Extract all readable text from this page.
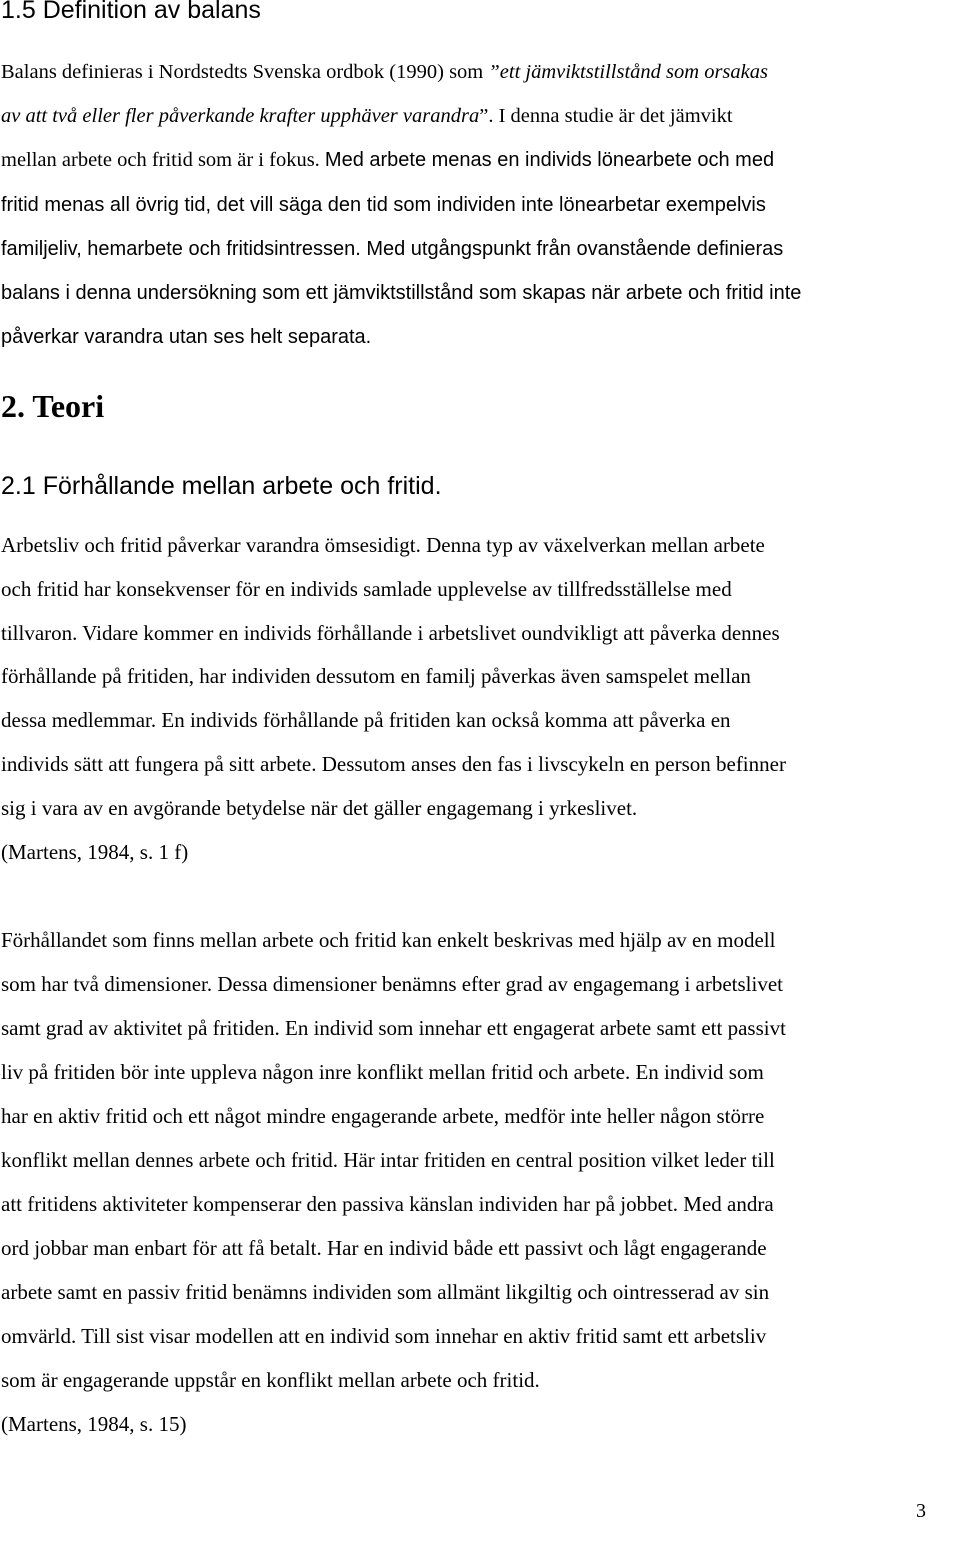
1.5 Definition av balans

Balans definieras i Nordstedts Svenska ordbok (1990) som ”ett jämviktstillstånd som orsakas
av att två eller fler påverkande krafter upphäver varandra”. I denna studie är det jämvikt
mellan arbete och fritid som är i fokus. Med arbete menas en individs lönearbete och med
fritid menas all övrig tid, det vill säga den tid som individen inte lönearbetar exempelvis
familjeliv, hemarbete och fritidsintressen. Med utgångspunkt från ovanstående definieras
balans i denna undersökning som ett jämviktstillstånd som skapas när arbete och fritid inte
påverkar varandra utan ses helt separata.

2. Teori
2.1 Förhållande mellan arbete och fritid.

Arbetsliv och fritid påverkar varandra ömsesidigt. Denna typ av växelverkan mellan arbete
och fritid har konsekvenser för en individs samlade upplevelse av tillfredsställelse med
tillvaron. Vidare kommer en individs förhållande i arbetslivet oundvikligt att påverka dennes
förhållande på fritiden, har individen dessutom en familj påverkas även samspelet mellan
dessa medlemmar. En individs förhållande på fritiden kan också komma att påverka en
individs sätt att fungera på sitt arbete. Dessutom anses den fas i livscykeln en person befinner
sig i vara av en avgörande betydelse när det gäller engagemang i yrkeslivet.
(Martens, 1984, s. 1 f)

Förhållandet som finns mellan arbete och fritid kan enkelt beskrivas med hjälp av en modell
som har två dimensioner. Dessa dimensioner benämns efter grad av engagemang i arbetslivet
samt grad av aktivitet på fritiden. En individ som innehar ett engagerat arbete samt ett passivt
liv på fritiden bör inte uppleva någon inre konflikt mellan fritid och arbete. En individ som
har en aktiv fritid och ett något mindre engagerande arbete, medför inte heller någon större
konflikt mellan dennes arbete och fritid. Här intar fritiden en central position vilket leder till
att fritidens aktiviteter kompenserar den passiva känslan individen har på jobbet. Med andra
ord jobbar man enbart för att få betalt. Har en individ både ett passivt och lågt engagerande
arbete samt en passiv fritid benämns individen som allmänt likgiltig och ointresserad av sin
omvärld. Till sist visar modellen att en individ som innehar en aktiv fritid samt ett arbetsliv
som är engagerande uppstår en konflikt mellan arbete och fritid.
(Martens, 1984, s. 15)

3
